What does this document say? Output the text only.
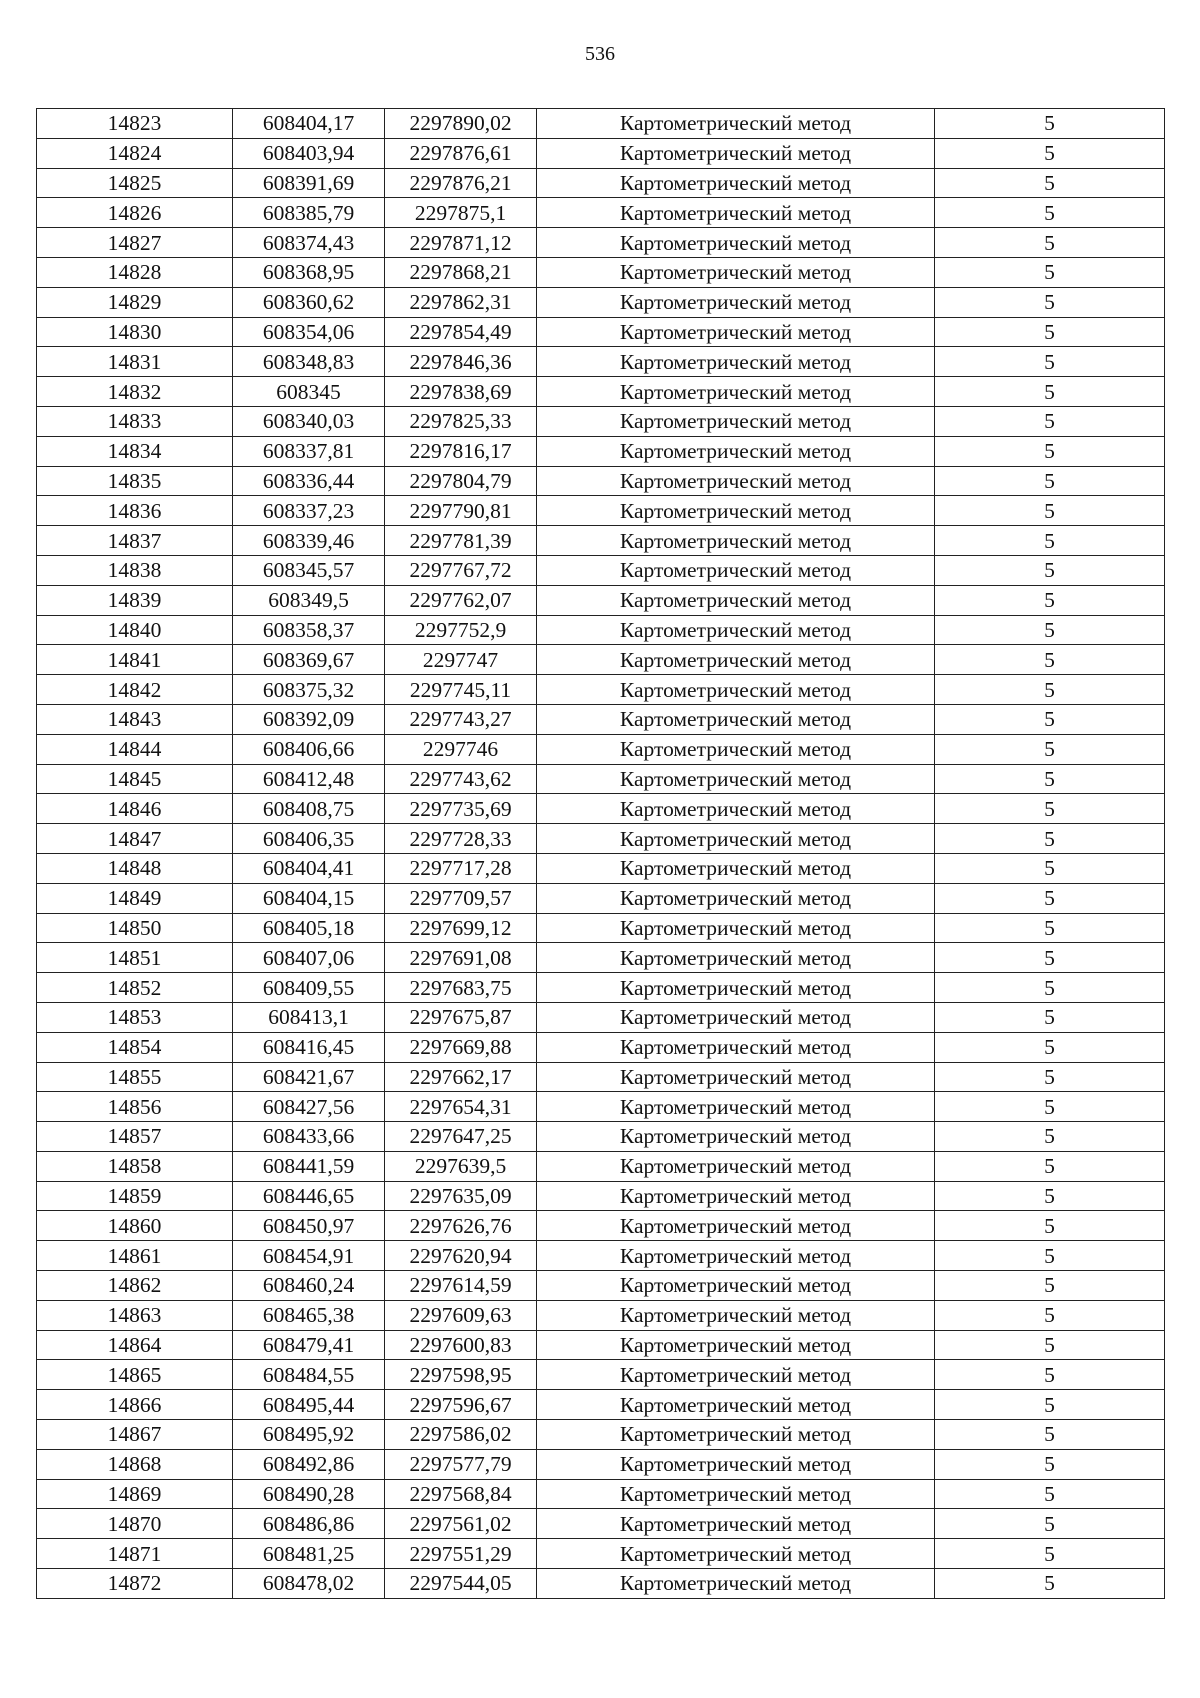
536
14823	608404,17	2297890,02	Картометрический метод	5
14824	608403,94	2297876,61	Картометрический метод	5
14825	608391,69	2297876,21	Картометрический метод	5
14826	608385,79	2297875,1	Картометрический метод	5
14827	608374,43	2297871,12	Картометрический метод	5
14828	608368,95	2297868,21	Картометрический метод	5
14829	608360,62	2297862,31	Картометрический метод	5
14830	608354,06	2297854,49	Картометрический метод	5
14831	608348,83	2297846,36	Картометрический метод	5
14832	608345	2297838,69	Картометрический метод	5
14833	608340,03	2297825,33	Картометрический метод	5
14834	608337,81	2297816,17	Картометрический метод	5
14835	608336,44	2297804,79	Картометрический метод	5
14836	608337,23	2297790,81	Картометрический метод	5
14837	608339,46	2297781,39	Картометрический метод	5
14838	608345,57	2297767,72	Картометрический метод	5
14839	608349,5	2297762,07	Картометрический метод	5
14840	608358,37	2297752,9	Картометрический метод	5
14841	608369,67	2297747	Картометрический метод	5
14842	608375,32	2297745,11	Картометрический метод	5
14843	608392,09	2297743,27	Картометрический метод	5
14844	608406,66	2297746	Картометрический метод	5
14845	608412,48	2297743,62	Картометрический метод	5
14846	608408,75	2297735,69	Картометрический метод	5
14847	608406,35	2297728,33	Картометрический метод	5
14848	608404,41	2297717,28	Картометрический метод	5
14849	608404,15	2297709,57	Картометрический метод	5
14850	608405,18	2297699,12	Картометрический метод	5
14851	608407,06	2297691,08	Картометрический метод	5
14852	608409,55	2297683,75	Картометрический метод	5
14853	608413,1	2297675,87	Картометрический метод	5
14854	608416,45	2297669,88	Картометрический метод	5
14855	608421,67	2297662,17	Картометрический метод	5
14856	608427,56	2297654,31	Картометрический метод	5
14857	608433,66	2297647,25	Картометрический метод	5
14858	608441,59	2297639,5	Картометрический метод	5
14859	608446,65	2297635,09	Картометрический метод	5
14860	608450,97	2297626,76	Картометрический метод	5
14861	608454,91	2297620,94	Картометрический метод	5
14862	608460,24	2297614,59	Картометрический метод	5
14863	608465,38	2297609,63	Картометрический метод	5
14864	608479,41	2297600,83	Картометрический метод	5
14865	608484,55	2297598,95	Картометрический метод	5
14866	608495,44	2297596,67	Картометрический метод	5
14867	608495,92	2297586,02	Картометрический метод	5
14868	608492,86	2297577,79	Картометрический метод	5
14869	608490,28	2297568,84	Картометрический метод	5
14870	608486,86	2297561,02	Картометрический метод	5
14871	608481,25	2297551,29	Картометрический метод	5
14872	608478,02	2297544,05	Картометрический метод	5
